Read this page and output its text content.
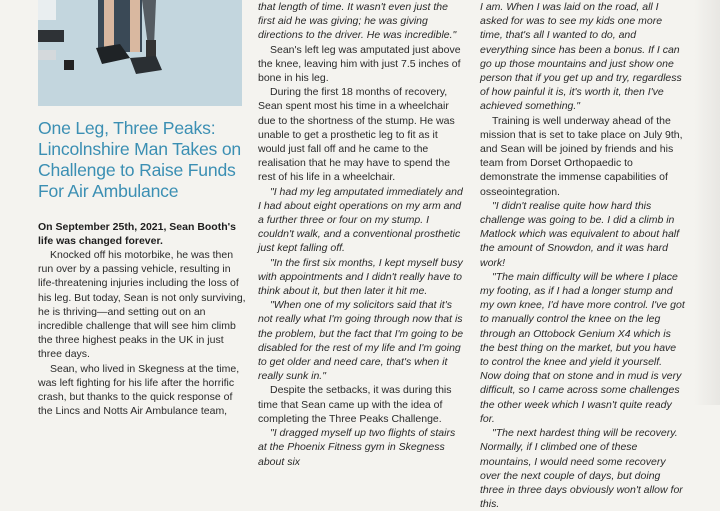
One Leg, Three Peaks: Lincolnshire Man Takes on Challenge to Raise Funds For Air Ambulance
On September 25th, 2021, Sean Booth's life was changed forever.

Knocked off his motorbike, he was then run over by a passing vehicle, resulting in life-threatening injuries including the loss of his leg. But today, Sean is not only surviving, he is thriving—and setting out on an incredible challenge that will see him climb the three highest peaks in the UK in just three days.

Sean, who lived in Skegness at the time, was left fighting for his life after the horrific crash, but thanks to the quick response of the Lincs and Notts Air Ambulance team,

that length of time. It wasn't even just the first aid he was giving; he was giving directions to the driver. He was incredible."

Sean's left leg was amputated just above the knee, leaving him with just 7.5 inches of bone in his leg.

During the first 18 months of recovery, Sean spent most his time in a wheelchair due to the shortness of the stump. He was unable to get a prosthetic leg to fit as it would just fall off and he came to the realisation that he may have to spend the rest of his life in a wheelchair.

"I had my leg amputated immediately and I had about eight operations on my arm and a further three or four on my stump. I couldn't walk, and a conventional prosthetic just kept falling off.

"In the first six months, I kept myself busy with appointments and I didn't really have to think about it, but then later it hit me.

"When one of my solicitors said that it's not really what I'm going through now that is the problem, but the fact that I'm going to be disabled for the rest of my life and I'm going to get older and need care, that's when it really sunk in."

Despite the setbacks, it was during this time that Sean came up with the idea of completing the Three Peaks Challenge.

"I dragged myself up two flights of stairs at the Phoenix Fitness gym in Skegness about six

I am. When I was laid on the road, all I asked for was to see my kids one more time, that's all I wanted to do, and everything since has been a bonus. If I can go up those mountains and just show one person that if you get up and try, regardless of how painful it is, it's worth it, then I've achieved something."

Training is well underway ahead of the mission that is set to take place on July 9th, and Sean will be joined by friends and his team from Dorset Orthopaedic to demonstrate the immense capabilities of osseointegration.

"I didn't realise quite how hard this challenge was going to be. I did a climb in Matlock which was equivalent to about half the amount of Snowdon, and it was hard work!

"The main difficulty will be where I place my footing, as if I had a longer stump and my own knee, I'd have more control. I've got to manually control the knee on the leg through an Ottobock Genium X4 which is the best thing on the market, but you have to control the knee and yield it yourself. Now doing that on stone and in mud is very difficult, so I came across some challenges the other week which I wasn't quite ready for.

"The next hardest thing will be recovery. Normally, if I climbed one of these mountains, I would need some recovery over the next couple of days, but doing three in three days obviously won't allow for this.
